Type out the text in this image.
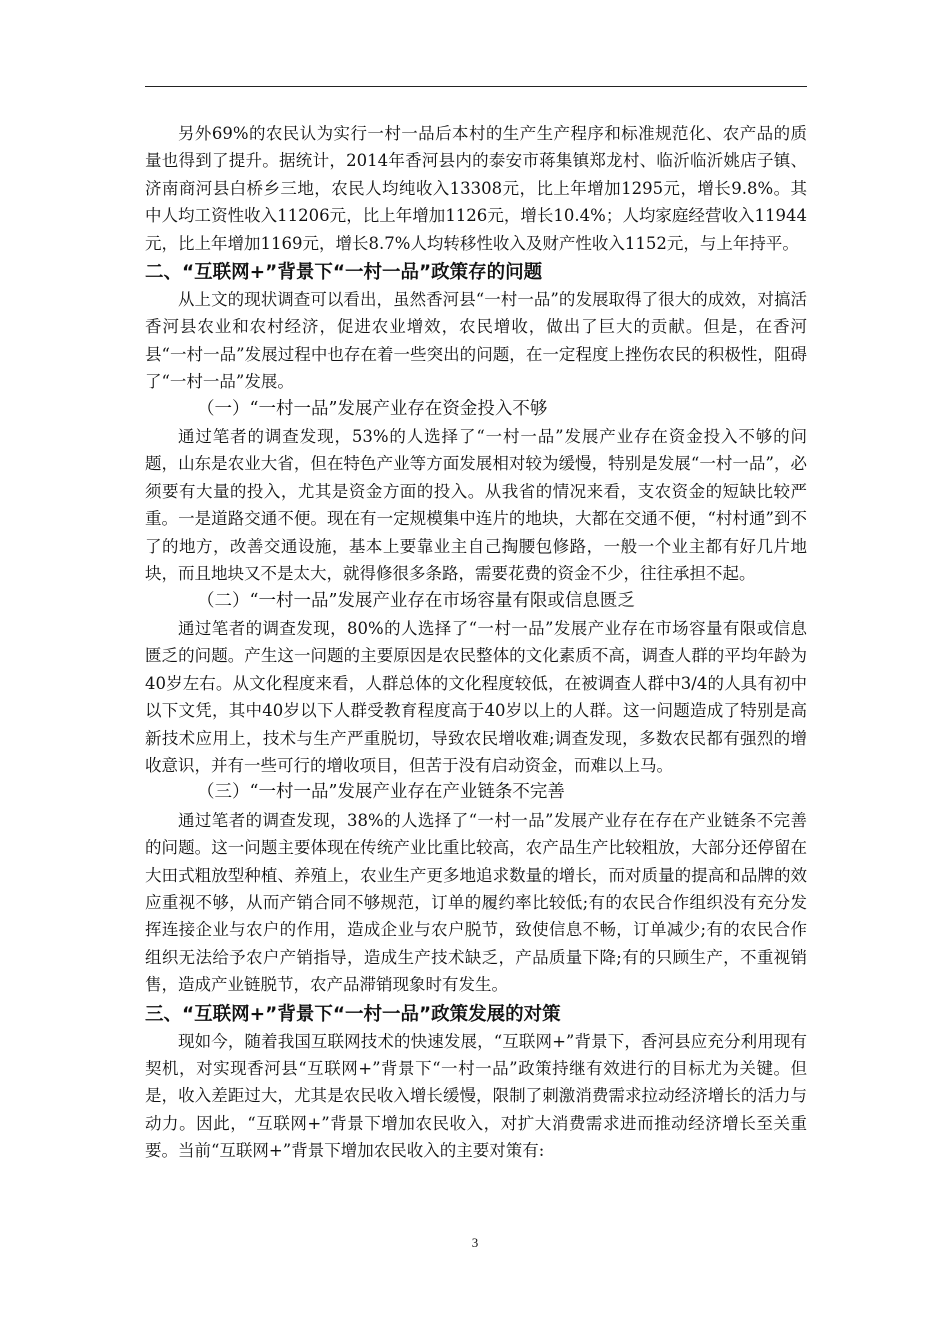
另外69%的农民认为实行一村一品后本村的生产生产程序和标准规范化、农产品的质量也得到了提升。据统计，2014年香河县内的泰安市蒋集镇郑龙村、临沂临沂姚店子镇、济南商河县白桥乡三地，农民人均纯收入13308元，比上年增加1295元，增长9.8%。其中人均工资性收入11206元，比上年增加1126元，增长10.4%；人均家庭经营收入11944元，比上年增加1169元，增长8.7%人均转移性收入及财产性收入1152元，与上年持平。

二、“互联网+”背景下“一村一品”政策存的问题

从上文的现状调查可以看出，虽然香河县“一村一品”的发展取得了很大的成效，对搞活香河县农业和农村经济，促进农业增效，农民增收，做出了巨大的贡献。但是，在香河县“一村一品”发展过程中也存在着一些突出的问题，在一定程度上挫伤农民的积极性，阻碍了“一村一品”发展。

（一）“一村一品”发展产业存在资金投入不够

通过笔者的调查发现，53%的人选择了“一村一品”发展产业存在资金投入不够的问题，山东是农业大省，但在特色产业等方面发展相对较为缓慢，特别是发展“一村一品”，必须要有大量的投入，尤其是资金方面的投入。从我省的情况来看，支农资金的短缺比较严重。一是道路交通不便。现在有一定规模集中连片的地块，大都在交通不便，“村村通”到不了的地方，改善交通设施，基本上要靠业主自己掏腰包修路，一般一个业主都有好几片地块，而且地块又不是太大，就得修很多条路，需要花费的资金不少，往往承担不起。

（二）“一村一品”发展产业存在市场容量有限或信息匮乏

通过笔者的调查发现，80%的人选择了“一村一品”发展产业存在市场容量有限或信息匮乏的问题。产生这一问题的主要原因是农民整体的文化素质不高，调查人群的平均年龄为40岁左右。从文化程度来看，人群总体的文化程度较低，在被调查人群中3/4的人具有初中以下文凭，其中40岁以下人群受教育程度高于40岁以上的人群。这一问题造成了特别是高新技术应用上，技术与生产严重脱切，导致农民增收难;调查发现，多数农民都有强烈的增收意识，并有一些可行的增收项目，但苦于没有启动资金，而难以上马。

（三）“一村一品”发展产业存在产业链条不完善

通过笔者的调查发现，38%的人选择了“一村一品”发展产业存在存在产业链条不完善的问题。这一问题主要体现在传统产业比重比较高，农产品生产比较粗放，大部分还停留在大田式粗放型种植、养殖上，农业生产更多地追求数量的增长，而对质量的提高和品牌的效应重视不够，从而产销合同不够规范，订单的履约率比较低;有的农民合作组织没有充分发挥连接企业与农户的作用，造成企业与农户脱节，致使信息不畅，订单减少;有的农民合作组织无法给予农户产销指导，造成生产技术缺乏，产品质量下降;有的只顾生产，不重视销售，造成产业链脱节，农产品滞销现象时有发生。

三、“互联网+”背景下“一村一品”政策发展的对策

现如今，随着我国互联网技术的快速发展，“互联网+”背景下，香河县应充分利用现有契机，对实现香河县“互联网+”背景下“一村一品”政策持继有效进行的目标尤为关键。但是，收入差距过大，尤其是农民收入增长缓慢，限制了刺激消费需求拉动经济增长的活力与动力。因此，“互联网+”背景下增加农民收入，对扩大消费需求进而推动经济增长至关重要。当前“互联网+”背景下增加农民收入的主要对策有:

3
